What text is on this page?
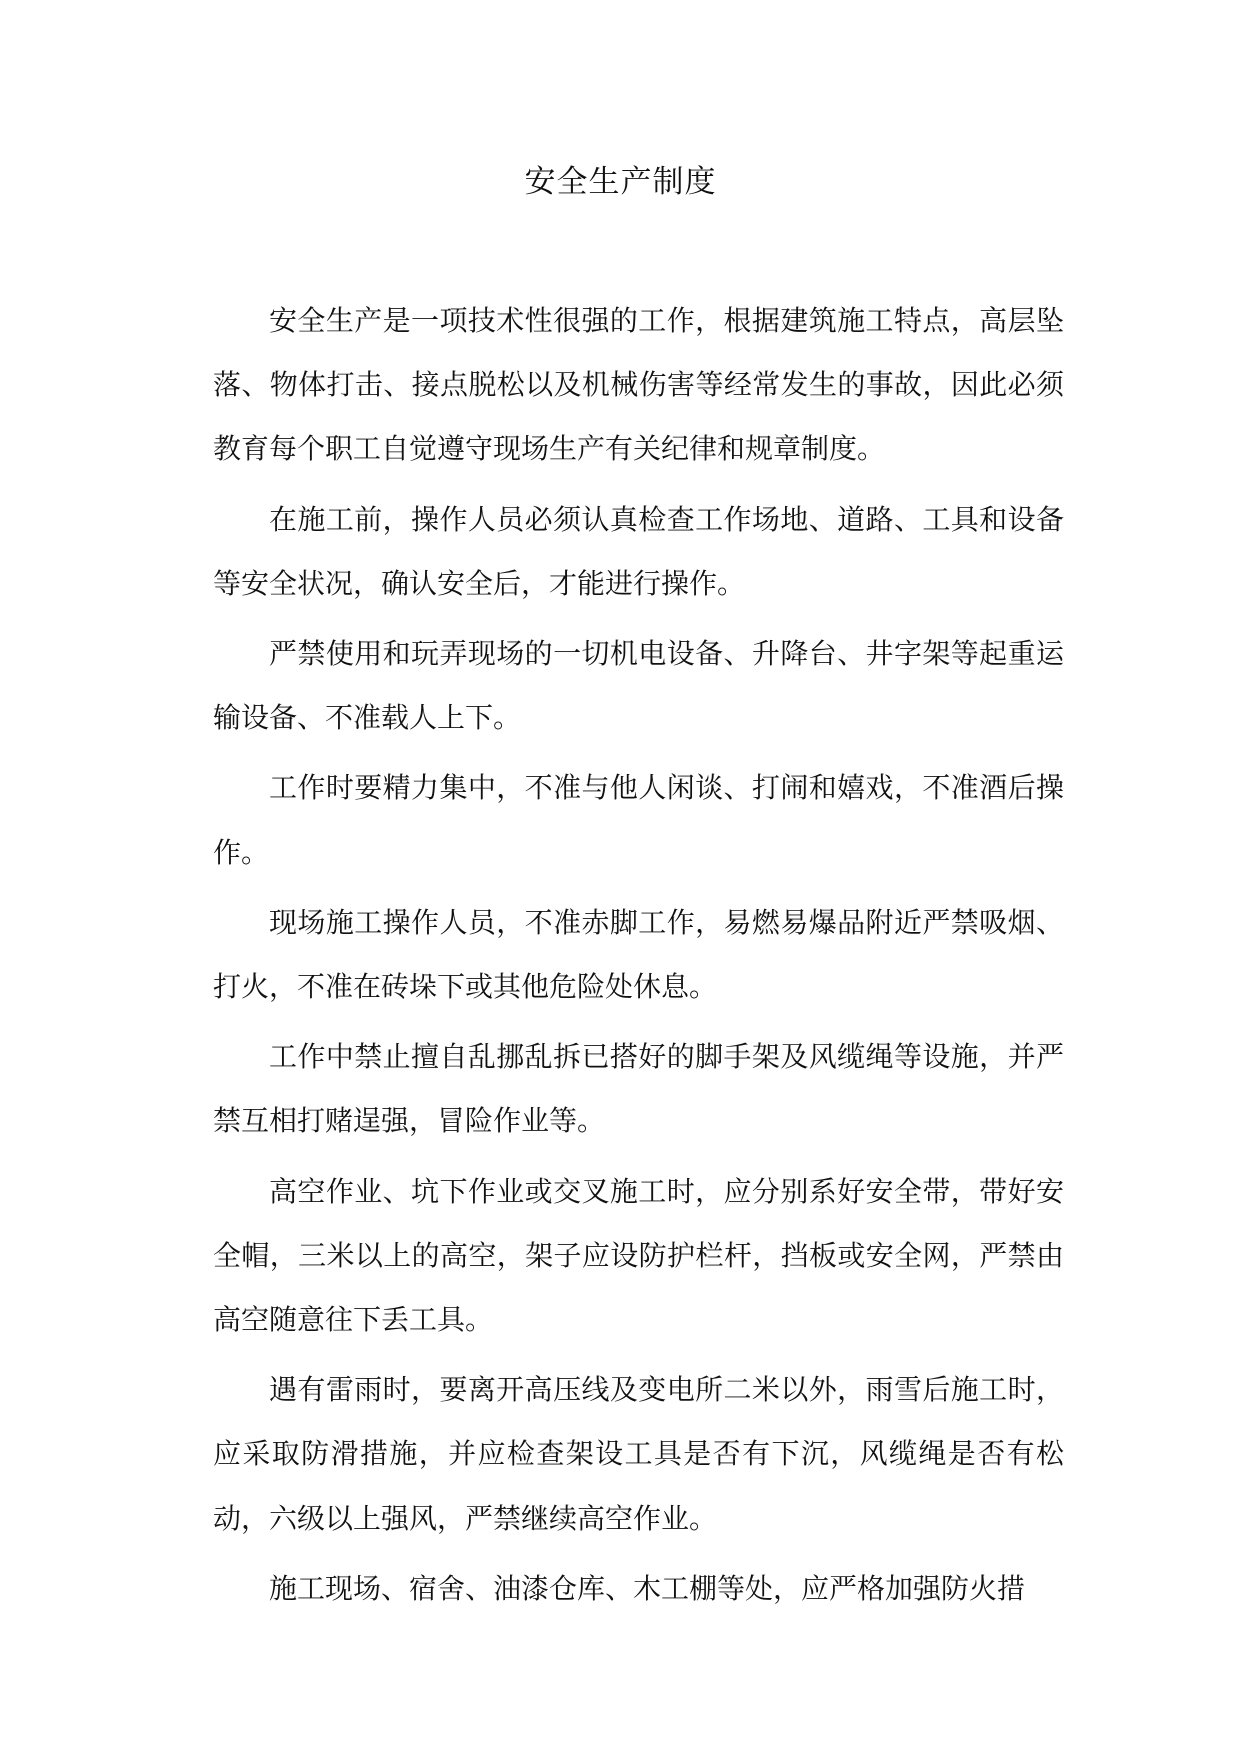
安全生产制度

安全生产是一项技术性很强的工作，根据建筑施工特点，高层坠落、物体打击、接点脱松以及机械伤害等经常发生的事故，因此必须教育每个职工自觉遵守现场生产有关纪律和规章制度。

在施工前，操作人员必须认真检查工作场地、道路、工具和设备等安全状况，确认安全后，才能进行操作。

严禁使用和玩弄现场的一切机电设备、升降台、井字架等起重运输设备、不准载人上下。

工作时要精力集中，不准与他人闲谈、打闹和嬉戏，不准酒后操作。

现场施工操作人员，不准赤脚工作，易燃易爆品附近严禁吸烟、打火，不准在砖垛下或其他危险处休息。

工作中禁止擅自乱挪乱拆已搭好的脚手架及风缆绳等设施，并严禁互相打赌逞强，冒险作业等。

高空作业、坑下作业或交叉施工时，应分别系好安全带，带好安全帽，三米以上的高空，架子应设防护栏杆，挡板或安全网，严禁由高空随意往下丢工具。

遇有雷雨时，要离开高压线及变电所二米以外，雨雪后施工时，应采取防滑措施，并应检查架设工具是否有下沉，风缆绳是否有松动，六级以上强风，严禁继续高空作业。

施工现场、宿舍、油漆仓库、木工棚等处，应严格加强防火措
